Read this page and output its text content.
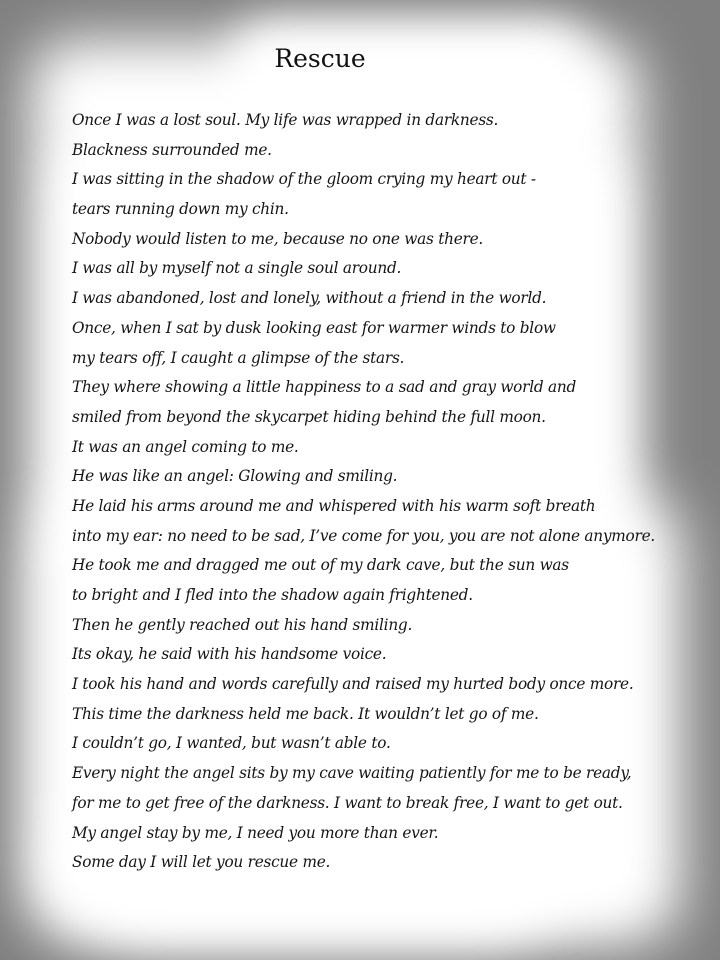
Rescue
Once I was a lost soul. My life was wrapped in darkness.
Blackness surrounded me.
I was sitting in the shadow of the gloom crying my heart out -
tears running down my chin.
Nobody would listen to me, because no one was there.
I was all by myself not a single soul around.
I was abandoned, lost and lonely, without a friend in the world.
Once, when I sat by dusk looking east for warmer winds to blow
my tears off, I caught a glimpse of the stars.
They where showing a little happiness to a sad and gray world and
smiled from beyond the skycarpet hiding behind the full moon.
It was an angel coming to me.
He was like an angel: Glowing and smiling.
He laid his arms around me and whispered with his warm soft breath
into my ear: no need to be sad, I’ve come for you, you are not alone anymore.
He took me and dragged me out of my dark cave, but the sun was
to bright and I fled into the shadow again frightened.
Then he gently reached out his hand smiling.
Its okay, he said with his handsome voice.
I took his hand and words carefully and raised my hurted body once more.
This time the darkness held me back. It wouldn’t let go of me.
I couldn’t go, I wanted, but wasn’t able to.
Every night the angel sits by my cave waiting patiently for me to be ready,
for me to get free of the darkness. I want to break free, I want to get out.
My angel stay by me, I need you more than ever.
Some day I will let you rescue me.
